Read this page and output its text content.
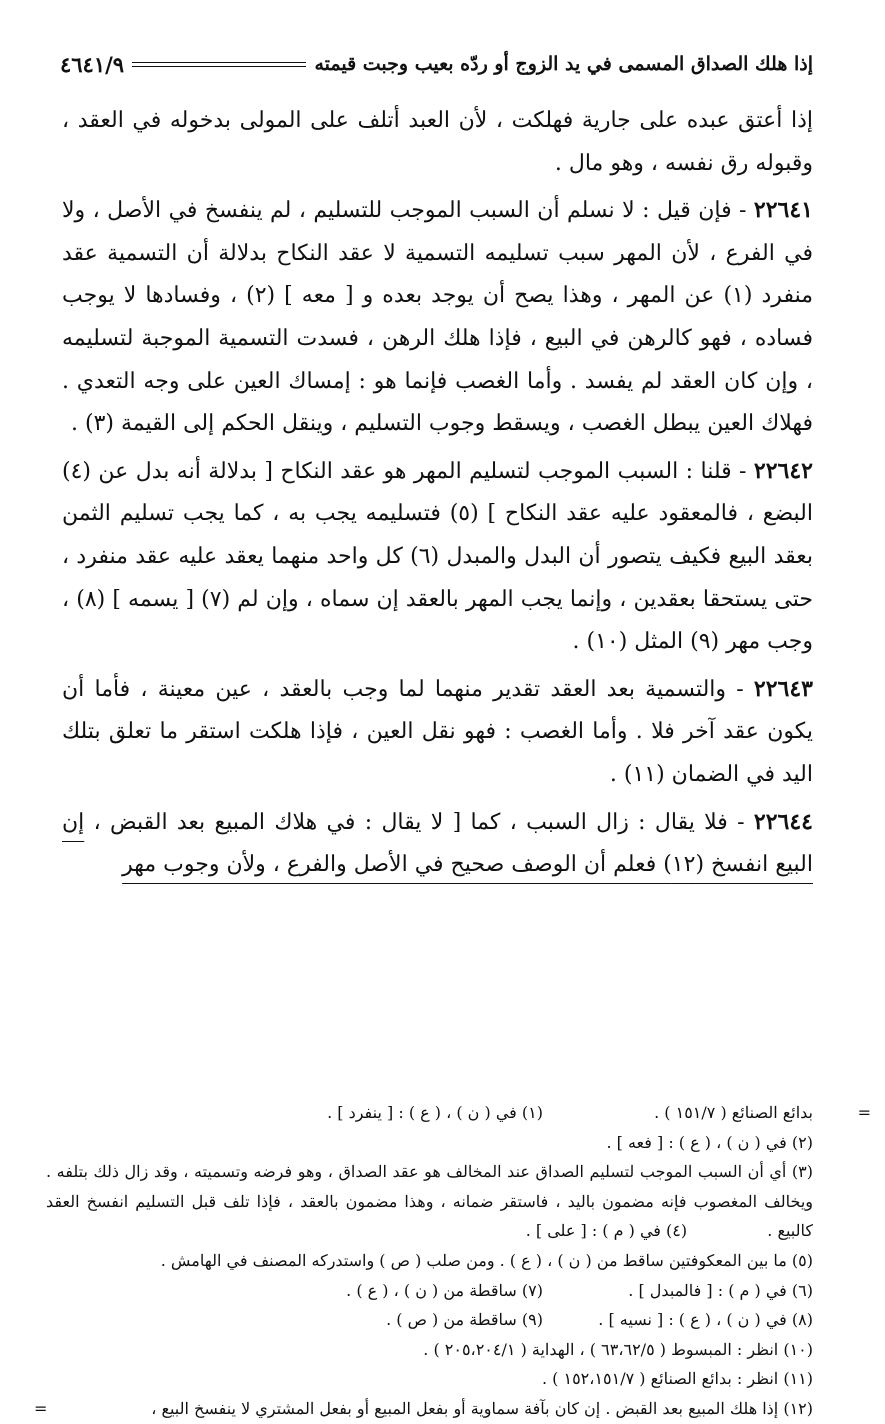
إذا هلك الصداق المسمى في يد الزوج أو ردّه بعيب وجبت قيمته
٤٦٤١/٩

إذا أعتق عبده على جارية فهلكت ، لأن العبد أتلف على المولى بدخوله في العقد ، وقبوله رق نفسه ، وهو مال .

٢٢٦٤١ - فإن قيل : لا نسلم أن السبب الموجب للتسليم ، لم ينفسخ في الأصل ، ولا في الفرع ، لأن المهر سبب تسليمه التسمية لا عقد النكاح بدلالة أن التسمية عقد منفرد (١) عن المهر ، وهذا يصح أن يوجد بعده و [ معه ] (٢) ، وفسادها لا يوجب فساده ، فهو كالرهن في البيع ، فإذا هلك الرهن ، فسدت التسمية الموجبة لتسليمه ، وإن كان العقد لم يفسد . وأما الغصب فإنما هو : إمساك العين على وجه التعدي . فهلاك العين يبطل الغصب ، ويسقط وجوب التسليم ، وينقل الحكم إلى القيمة (٣) .

٢٢٦٤٢ - قلنا : السبب الموجب لتسليم المهر هو عقد النكاح [ بدلالة أنه بدل عن (٤) البضع ، فالمعقود عليه عقد النكاح ] (٥) فتسليمه يجب به ، كما يجب تسليم الثمن بعقد البيع فكيف يتصور أن البدل والمبدل (٦) كل واحد منهما يعقد عليه عقد منفرد ، حتى يستحقا بعقدين ، وإنما يجب المهر بالعقد إن سماه ، وإن لم (٧) [ يسمه ] (٨) ، وجب مهر (٩) المثل (١٠) .

٢٢٦٤٣ - والتسمية بعد العقد تقدير منهما لما وجب بالعقد ، عين معينة ، فأما أن يكون عقد آخر فلا . وأما الغصب : فهو نقل العين ، فإذا هلكت استقر ما تعلق بتلك اليد في الضمان (١١) .

٢٢٦٤٤ - فلا يقال : زال السبب ، كما [ لا يقال : في هلاك المبيع بعد القبض ، إن البيع انفسخ (١٢) فعلم أن الوصف صحيح في الأصل والفرع ، ولأن وجوب مهر

=
بدائع الصنائع ( ١٥١/٧ ) .
(١) في ( ن ) ، ( ع ) : [ ينفرد ] .
(٢) في ( ن ) ، ( ع ) : [ فعه ] .
(٣) أي أن السبب الموجب لتسليم الصداق عند المخالف هو عقد الصداق ، وهو فرضه وتسميته ، وقد زال ذلك بتلفه . ويخالف المغصوب فإنه مضمون باليد ، فاستقر ضمانه ، وهذا مضمون بالعقد ، فإذا تلف قبل التسليم انفسخ العقد كالبيع .  (٤) في ( م ) : [ على ] .
(٥) ما بين المعكوفتين ساقط من ( ن ) ، ( ع ) . ومن صلب ( ص ) واستدركه المصنف في الهامش .
(٦) في ( م ) : [ فالمبدل ] .
(٧) ساقطة من ( ن ) ، ( ع ) .
(٨) في ( ن ) ، ( ع ) : [ نسيه ] .
(٩) ساقطة من ( ص ) .
(١٠) انظر : المبسوط ( ٦٣،٦٢/٥ ) ، الهداية ( ٢٠٥،٢٠٤/١ ) .
(١١) انظر : بدائع الصنائع ( ١٥٢،١٥١/٧ ) .
(١٢) إذا هلك المبيع بعد القبض . إن كان بآفة سماوية أو بفعل المبيع أو بفعل المشتري لا ينفسخ البيع ،
=
